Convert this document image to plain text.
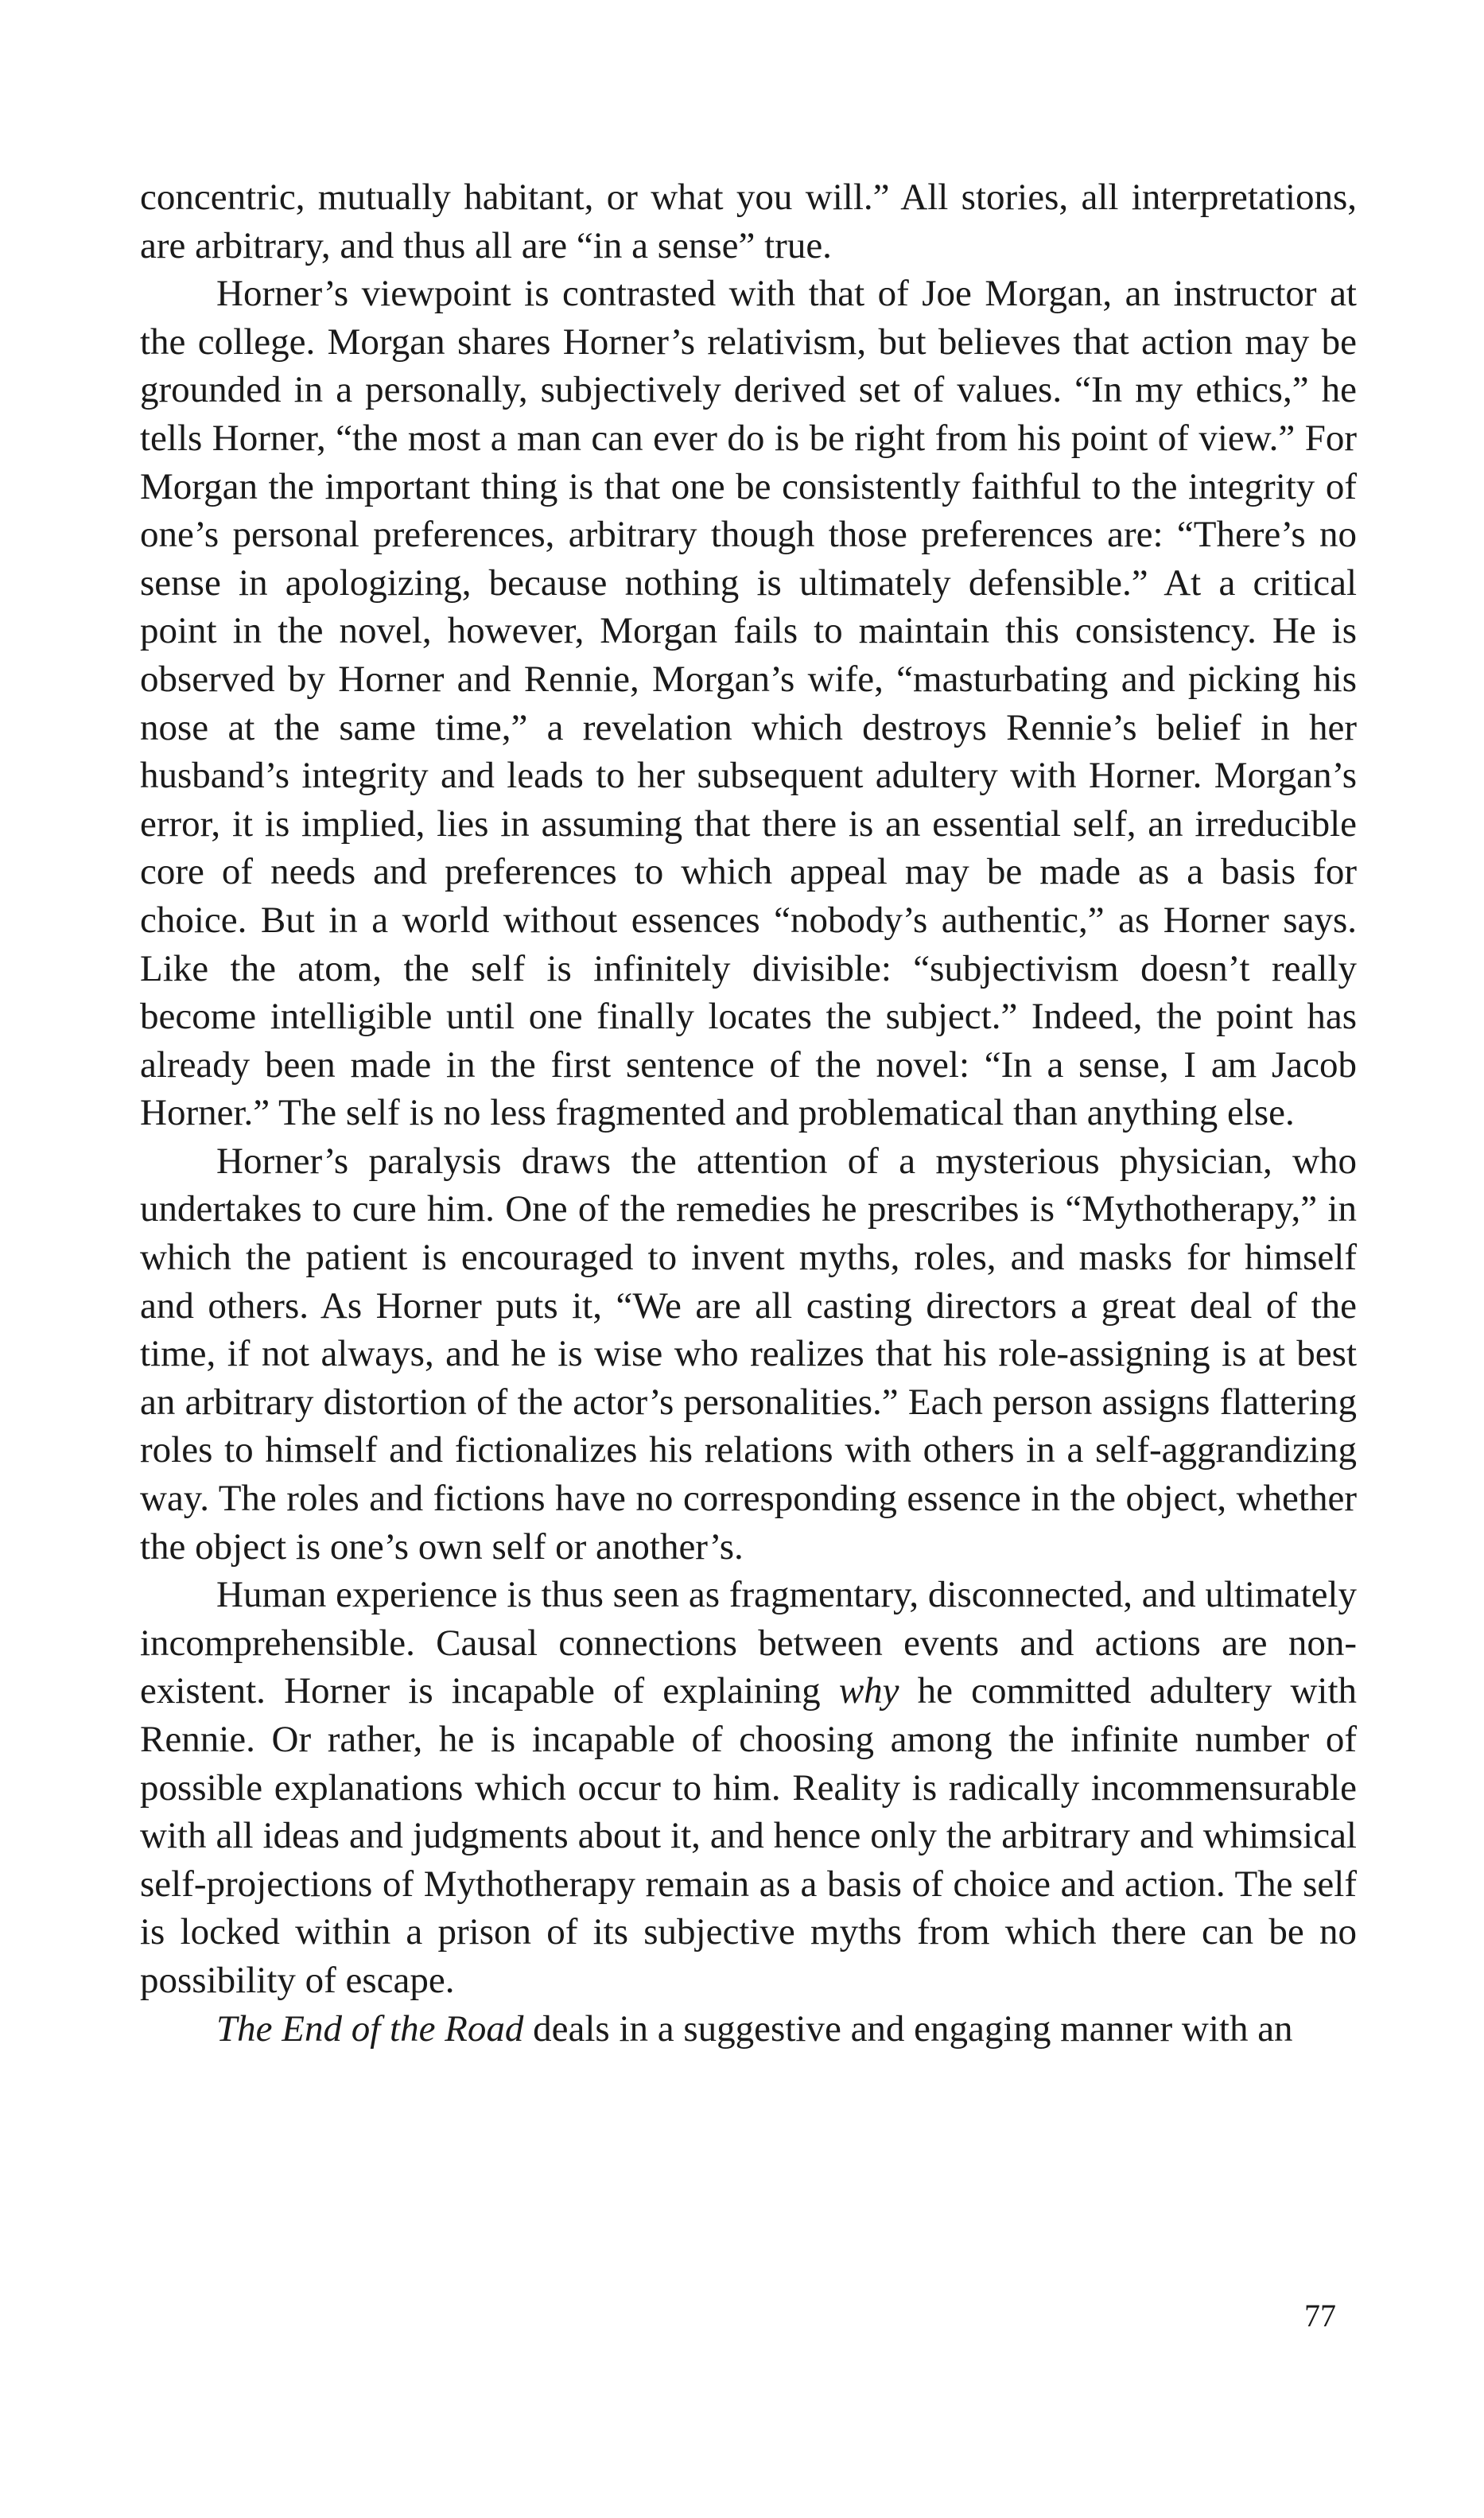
concentric, mutually habitant, or what you will.” All stories, all interpretations, are arbitrary, and thus all are “in a sense” true.

Horner’s viewpoint is contrasted with that of Joe Morgan, an instructor at the college. Morgan shares Horner’s relativism, but believes that action may be grounded in a personally, subjectively derived set of values. “In my ethics,” he tells Horner, “the most a man can ever do is be right from his point of view.” For Morgan the important thing is that one be consistently faithful to the integrity of one’s personal preferences, arbitrary though those preferences are: “There’s no sense in apologizing, because nothing is ultimately defensible.” At a critical point in the novel, however, Morgan fails to maintain this consistency. He is observed by Horner and Rennie, Morgan’s wife, “masturbating and picking his nose at the same time,” a revelation which destroys Rennie’s belief in her husband’s integrity and leads to her subsequent adultery with Horner. Morgan’s error, it is implied, lies in assuming that there is an essential self, an irreducible core of needs and preferences to which appeal may be made as a basis for choice. But in a world without essences “nobody’s authentic,” as Horner says. Like the atom, the self is infinitely divisible: “subjectivism doesn’t really become intelligible until one finally locates the subject.” Indeed, the point has already been made in the first sentence of the novel: “In a sense, I am Jacob Horner.” The self is no less fragmented and problematical than anything else.

Horner’s paralysis draws the attention of a mysterious physician, who undertakes to cure him. One of the remedies he prescribes is “Mythotherapy,” in which the patient is encouraged to invent myths, roles, and masks for himself and others. As Horner puts it, “We are all casting directors a great deal of the time, if not always, and he is wise who realizes that his role-assigning is at best an arbitrary distortion of the actor’s personalities.” Each person assigns flattering roles to himself and fictionalizes his relations with others in a self-aggrandizing way. The roles and fictions have no corresponding essence in the object, whether the object is one’s own self or another’s.

Human experience is thus seen as fragmentary, disconnected, and ultimately incomprehensible. Causal connections between events and actions are non-existent. Horner is incapable of explaining why he committed adultery with Rennie. Or rather, he is incapable of choosing among the infinite number of possible explanations which occur to him. Reality is radically incommensurable with all ideas and judgments about it, and hence only the arbitrary and whimsical self-projections of Mythotherapy remain as a basis of choice and action. The self is locked within a prison of its subjective myths from which there can be no possibility of escape.

The End of the Road deals in a suggestive and engaging manner with an

77
